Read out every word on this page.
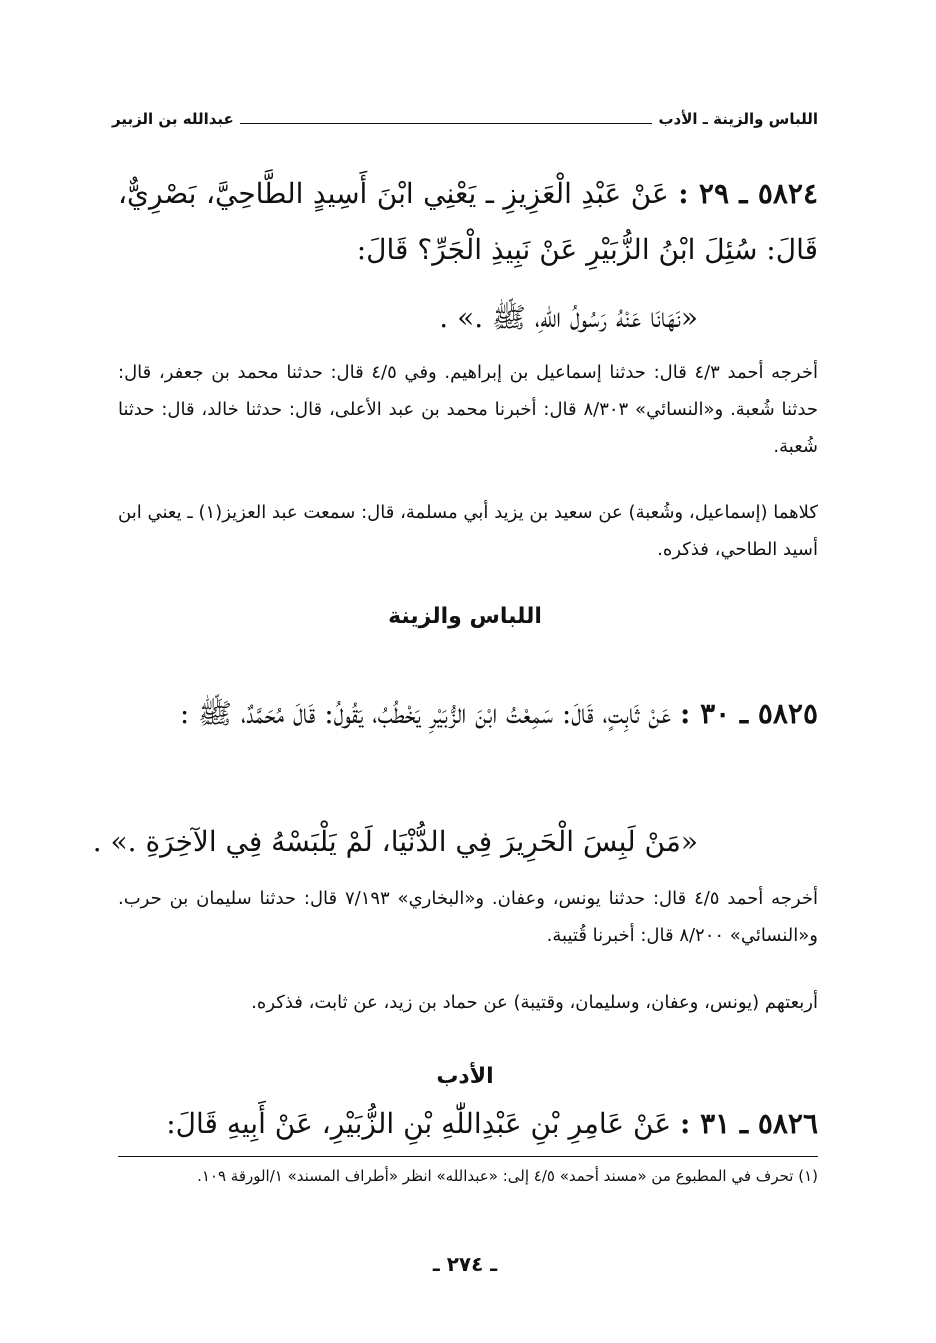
اللباس والزينة ـ الأدب
عبدالله بن الزبير
٥٨٢٤ ـ ٢٩ : عَنْ عَبْدِ الْعَزِيزِ ـ يَعْنِي ابْنَ أَسِيدٍ الطَّاحِيَّ، بَصْرِيٌّ، قَالَ: سُئِلَ ابْنُ الزُّبَيْرِ عَنْ نَبِيذِ الْجَرِّ؟ قَالَ:
«نَهَانَا عَنْهُ رَسُولُ اللّٰهِ، ﷺ .» .
أخرجه أحمد ٤/٣ قال: حدثنا إسماعيل بن إبراهيم. وفي ٤/٥ قال: حدثنا محمد بن جعفر، قال: حدثنا شُعبة. و«النسائي» ٨/٣٠٣ قال: أخبرنا محمد بن عبد الأعلى، قال: حدثنا خالد، قال: حدثنا شُعبة.
كلاهما (إسماعيل، وشُعبة) عن سعيد بن يزيد أبي مسلمة، قال: سمعت عبد العزيز(١) ـ يعني ابن أسيد الطاحي، فذكره.
اللباس والزينة
٥٨٢٥ ـ ٣٠ : عَنْ ثَابِتٍ، قَالَ: سَمِعْتُ ابْنَ الزُّبَيْرِ يَخْطُبُ، يَقُولُ: قَالَ مُحَمَّدٌ، ﷺ :
«مَنْ لَبِسَ الْحَرِيرَ فِي الدُّنْيَا، لَمْ يَلْبَسْهُ فِي الآخِرَةِ .» .
أخرجه أحمد ٤/٥ قال: حدثنا يونس، وعفان. و«البخاري» ٧/١٩٣ قال: حدثنا سليمان بن حرب. و«النسائي» ٨/٢٠٠ قال: أخبرنا قُتيبة.
أربعتهم (يونس، وعفان، وسليمان، وقتيبة) عن حماد بن زيد، عن ثابت، فذكره.
الأدب
٥٨٢٦ ـ ٣١ : عَنْ عَامِرِ بْنِ عَبْدِاللّٰهِ بْنِ الزُّبَيْرِ، عَنْ أَبِيهِ قَالَ:
(١) تحرف في المطبوع من «مسند أحمد» ٤/٥ إلى: «عبدالله» انظر «أطراف المسند» ١/الورقة ١٠٩.
ـ ٢٧٤ ـ
